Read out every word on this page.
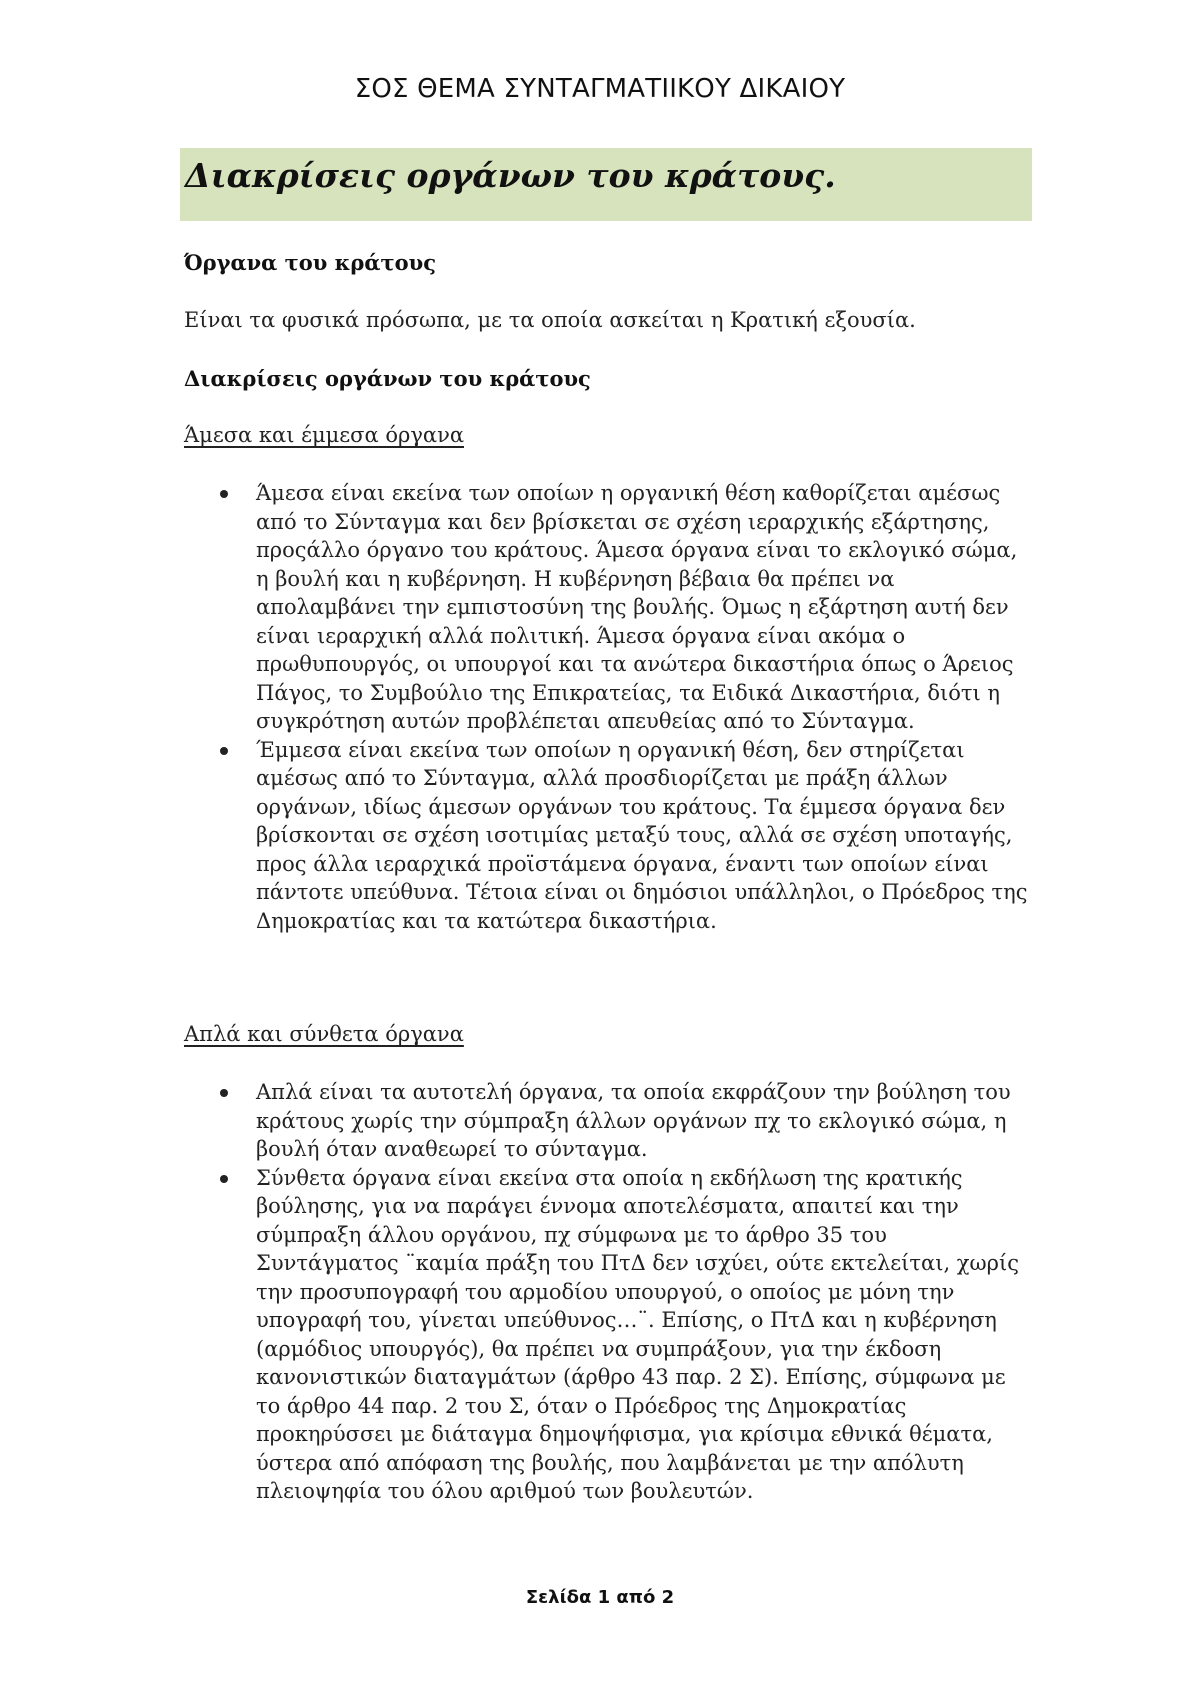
ΣΟΣ ΘΕΜΑ ΣΥΝΤΑΓΜΑΤΙΙΚΟΥ ΔΙΚΑΙΟΥ
Διακρίσεις οργάνων του κράτους.
Όργανα του κράτους
Είναι τα φυσικά πρόσωπα, με τα οποία ασκείται η Κρατική εξουσία.
Διακρίσεις οργάνων του κράτους
Άμεσα και έμμεσα όργανα
Άμεσα είναι εκείνα των οποίων η οργανική θέση καθορίζεται αμέσως από το Σύνταγμα και δεν βρίσκεται σε σχέση ιεραρχικής εξάρτησης, προςάλλο όργανο του κράτους. Άμεσα όργανα είναι το εκλογικό σώμα, η βουλή και η κυβέρνηση. Η κυβέρνηση βέβαια θα πρέπει να απολαμβάνει την εμπιστοσύνη της βουλής. Όμως η εξάρτηση αυτή δεν είναι ιεραρχική αλλά πολιτική. Άμεσα όργανα είναι ακόμα ο πρωθυπουργός, οι υπουργοί και τα ανώτερα δικαστήρια όπως ο Άρειος Πάγος, το Συμβούλιο της Επικρατείας, τα Ειδικά Δικαστήρια, διότι η συγκρότηση αυτών προβλέπεται απευθείας από το Σύνταγμα.
Έμμεσα είναι εκείνα των οποίων η οργανική θέση, δεν στηρίζεται αμέσως από το Σύνταγμα, αλλά προσδιορίζεται με πράξη άλλων οργάνων, ιδίως άμεσων οργάνων του κράτους. Τα έμμεσα όργανα δεν βρίσκονται σε σχέση ισοτιμίας μεταξύ τους, αλλά σε σχέση υποταγής, προς άλλα ιεραρχικά προϊστάμενα όργανα, έναντι των οποίων είναι πάντοτε υπεύθυνα. Τέτοια είναι οι δημόσιοι υπάλληλοι, ο Πρόεδρος της Δημοκρατίας και τα κατώτερα δικαστήρια.
Απλά και σύνθετα όργανα
Απλά είναι τα αυτοτελή όργανα, τα οποία εκφράζουν την βούληση του κράτους χωρίς την σύμπραξη άλλων οργάνων πχ το εκλογικό σώμα, η βουλή όταν αναθεωρεί το σύνταγμα.
Σύνθετα όργανα είναι εκείνα στα οποία η εκδήλωση της κρατικής βούλησης, για να παράγει έννομα αποτελέσματα, απαιτεί και την σύμπραξη άλλου οργάνου, πχ σύμφωνα με το άρθρο 35 του Συντάγματος ¨καμία πράξη του ΠτΔ δεν ισχύει, ούτε εκτελείται, χωρίς την προσυπογραφή του αρμοδίου υπουργού, ο οποίος με μόνη την υπογραφή του, γίνεται υπεύθυνος…¨. Επίσης, ο ΠτΔ και η κυβέρνηση (αρμόδιος υπουργός), θα πρέπει να συμπράξουν, για την έκδοση κανονιστικών διαταγμάτων (άρθρο 43 παρ. 2 Σ). Επίσης, σύμφωνα με το άρθρο 44 παρ. 2 του Σ, όταν ο Πρόεδρος της Δημοκρατίας προκηρύσσει με διάταγμα δημοψήφισμα, για κρίσιμα εθνικά θέματα, ύστερα από απόφαση της βουλής, που λαμβάνεται με την απόλυτη πλειοψηφία του όλου αριθμού των βουλευτών.
Σελίδα 1 από 2
